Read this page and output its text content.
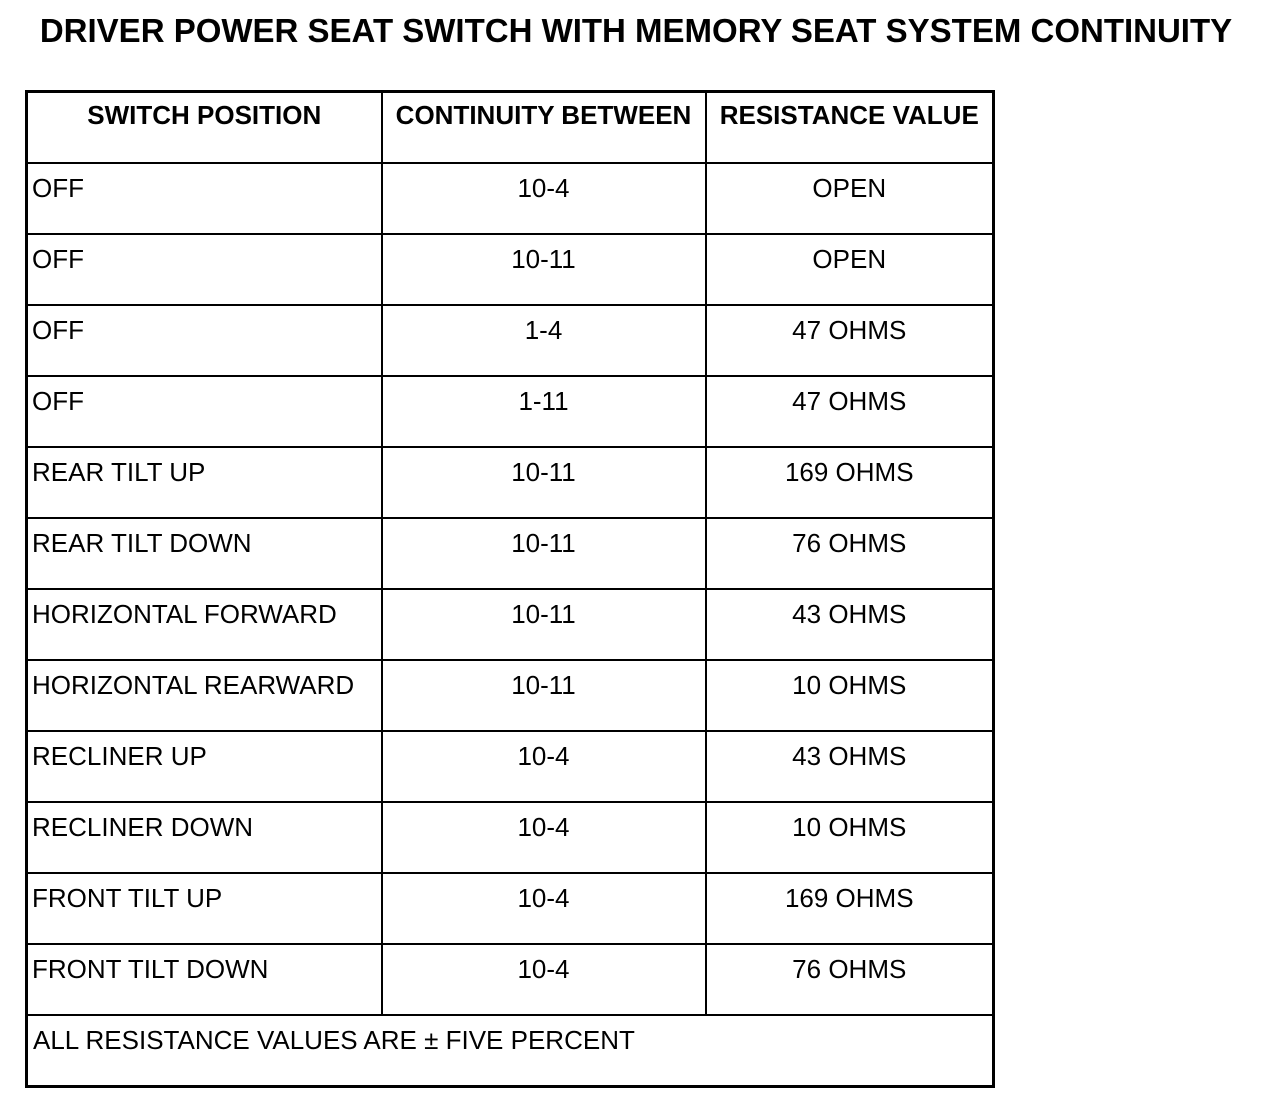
DRIVER POWER SEAT SWITCH WITH MEMORY SEAT SYSTEM CONTINUITY
SWITCH POSITION	CONTINUITY BETWEEN	RESISTANCE VALUE
OFF	10-4	OPEN
OFF	10-11	OPEN
OFF	1-4	47 OHMS
OFF	1-11	47 OHMS
REAR TILT UP	10-11	169 OHMS
REAR TILT DOWN	10-11	76 OHMS
HORIZONTAL FORWARD	10-11	43 OHMS
HORIZONTAL REARWARD	10-11	10 OHMS
RECLINER UP	10-4	43 OHMS
RECLINER DOWN	10-4	10 OHMS
FRONT TILT UP	10-4	169 OHMS
FRONT TILT DOWN	10-4	76 OHMS
ALL RESISTANCE VALUES ARE ± FIVE PERCENT		
